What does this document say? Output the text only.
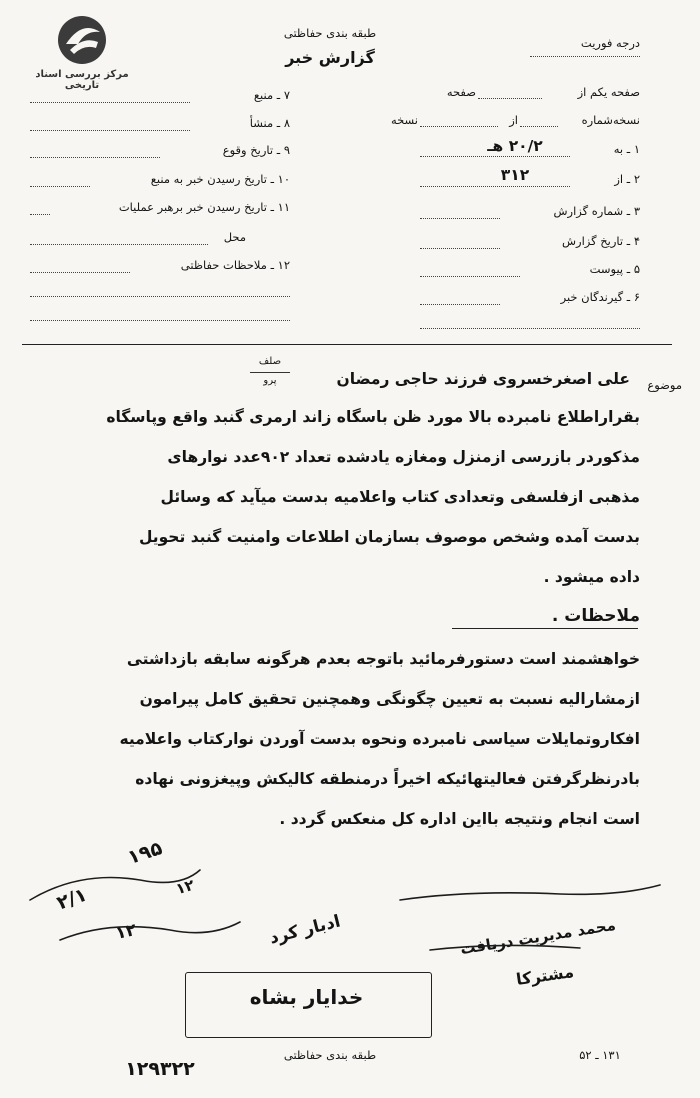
مرکز بررسی اسناد تاریخی
طبقه بندی حفاظتی
گزارش خبر
درجه فوریت
صفحه یکم از
صفحه
نسخه‌شماره
از
نسخه
۱ ـ به
۲۰/۲ هـ
۲ ـ از
۳۱۲
۳ ـ شماره گزارش
۴ ـ تاریخ گزارش
۵ ـ پیوست
۶ ـ گیرندگان خبر
۷ ـ منبع
۸ ـ منشأ
۹ ـ تاریخ وقوع
۱۰ ـ تاریخ رسیدن خبر به منبع
۱۱ ـ تاریخ رسیدن خبر برهبر عملیات
محل
۱۲ ـ ملاحظات حفاظتی
موضوع
علی اصغرخسروی فرزند حاجی رمضان
صلف
پرو
بقراراطلاع نامبرده بالا مورد ظن باسگاه زاند ارمری گنبد واقع وپاسگاه
مذکوردر بازرسی ازمنزل ومغازه یادشده تعداد ۹۰۲عدد نوارهای
مذهبی ازفلسفی وتعدادی کتاب واعلامیه بدست میآید که وسائل
بدست آمده وشخص موصوف بسازمان اطلاعات وامنیت گنبد تحویل
داده میشود .
ملاحظات .
خواهشمند است دستورفرمائید باتوجه بعدم هرگونه سابقه بازداشتی
ازمشارالیه نسبت به تعیین چگونگی وهمچنین تحقیق کامل پیرامون
افکاروتمایلات سیاسی نامبرده ونحوه بدست آوردن نوارکتاب واعلامیه
بادرنظرگرفتن فعالیتهائیکه اخیراً درمنطقه کالیکش وپیغزونی نهاده
است انجام ونتیجه بااین اداره کل منعکس گردد .
۱۹۵
۲/۱	۱۲
۱۲	ادبار کرد	محمد مدیریت دریافت
مشترکا
خدایار بشاه
۱۲۹۳۲۲
طبقه بندی حفاظتی	۱۳۱ ـ ۵۲
